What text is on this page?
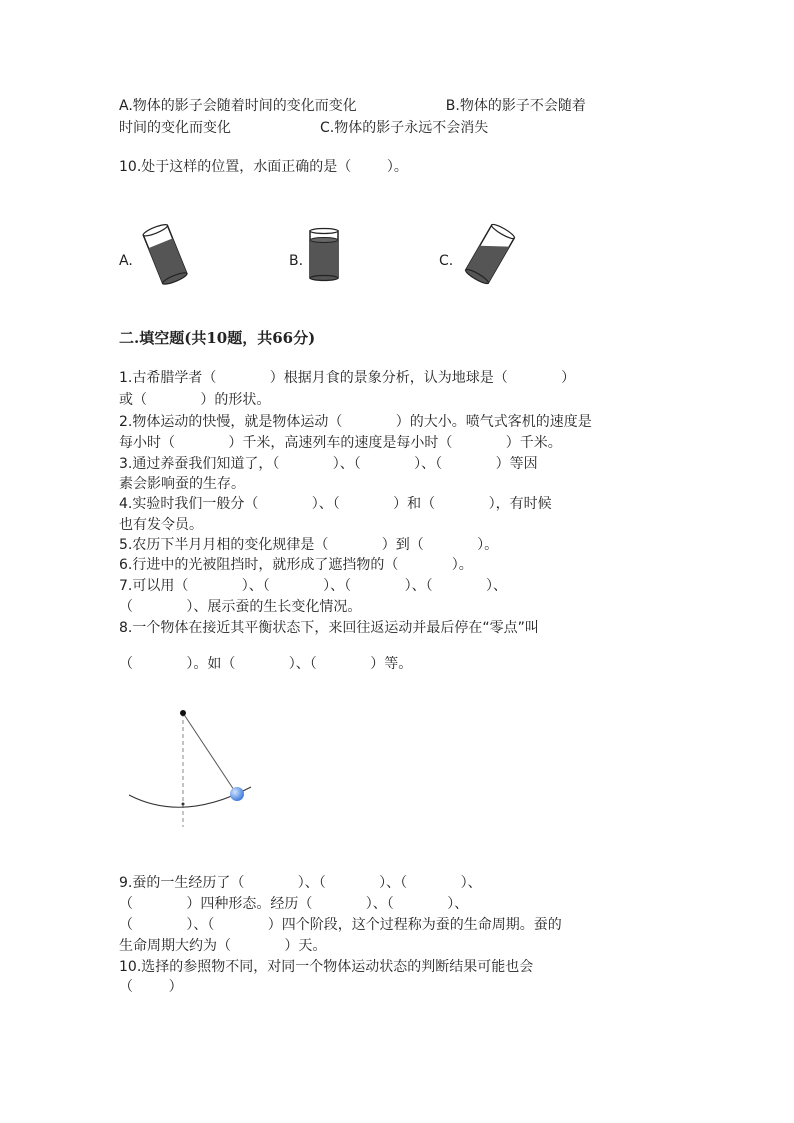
A.物体的影子会随着时间的变化而变化                    B.物体的影子不会随着
时间的变化而变化                    C.物体的影子永远不会消失
10.处于这样的位置，水面正确的是（        ）。
A.	B.	C.
二.填空题(共10题，共66分)
1.古希腊学者（            ）根据月食的景象分析，认为地球是（            ）
或（            ）的形状。
2.物体运动的快慢，就是物体运动（            ）的大小。喷气式客机的速度是
每小时（            ）千米，高速列车的速度是每小时（            ）千米。
3.通过养蚕我们知道了，（            ）、（            ）、（            ）等因
素会影响蚕的生存。
4.实验时我们一般分（            ）、（            ）和（            ），有时候
也有发令员。
5.农历下半月月相的变化规律是（            ）到（            ）。
6.行进中的光被阻挡时，就形成了遮挡物的（            ）。
7.可以用（            ）、（            ）、（            ）、（            ）、
（            ）、展示蚕的生长变化情况。
8.一个物体在接近其平衡状态下，来回往返运动并最后停在“零点”叫
（            ）。如（            ）、（            ）等。
9.蚕的一生经历了（            ）、（            ）、（            ）、
（            ）四种形态。经历（            ）、（            ）、
（            ）、（            ）四个阶段，这个过程称为蚕的生命周期。蚕的
生命周期大约为（            ）天。
10.选择的参照物不同，对同一个物体运动状态的判断结果可能也会
（        ）
